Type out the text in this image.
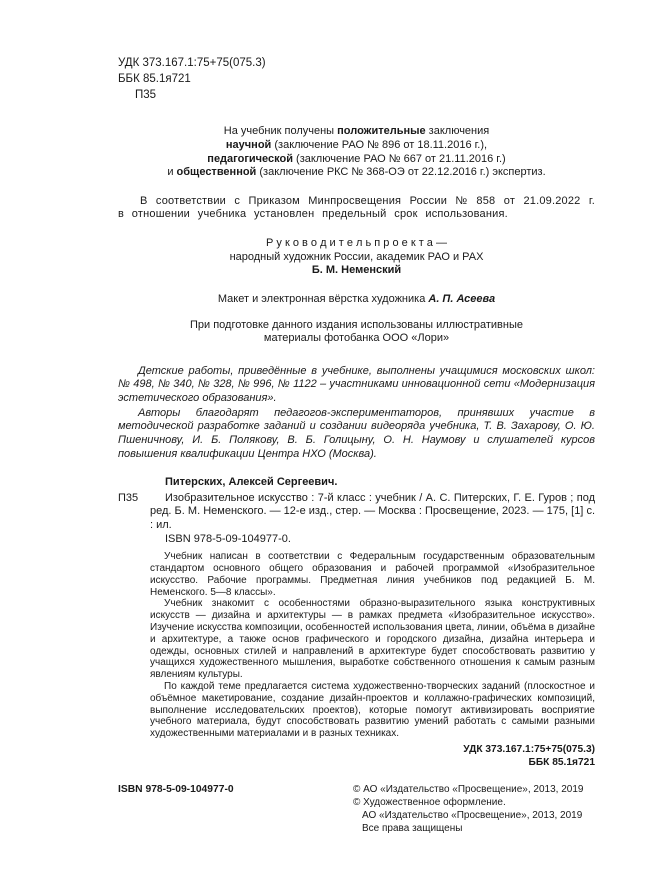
УДК 373.167.1:75+75(075.3)
ББК 85.1я721
П35
На учебник получены положительные заключения
научной (заключение РАО № 896 от 18.11.2016 г.),
педагогической (заключение РАО № 667 от 21.11.2016 г.)
и общественной (заключение РКС № 368-ОЭ от 22.12.2016 г.) экспертиз.

В соответствии с Приказом Минпросвещения России № 858 от 21.09.2022 г. в отношении учебника установлен предельный срок использования.

Р у к о в о д и т е л ь п р о е к т а —
народный художник России, академик РАО и РАХ
Б. М. Неменский
Макет и электронная вёрстка художника А. П. Асеева
При подготовке данного издания использованы иллюстративные
материалы фотобанка ООО «Лори»

Детские работы, приведённые в учебнике, выполнены учащимися московских школ: № 498, № 340, № 328, № 996, № 1122 – участниками инновационной сети «Модернизация эстетического образования».

Авторы благодарят педагогов-экспериментаторов, принявших участие в методической разработке заданий и создании видеоряда учебника, Т. В. Захарову, О. Ю. Пшеничнову, И. Б. Полякову, В. Б. Голицыну, О. Н. Наумову и слушателей курсов повышения квалификации Центра НХО (Москва).

Питерских, Алексей Сергеевич.
П35	Изобразительное искусство : 7-й класс : учебник / А. С. Питерских, Г. Е. Гуров ; под ред. Б. М. Неменского. — 12-е изд., стер. — Москва : Просвещение, 2023. — 175, [1] с. : ил.

ISBN 978-5-09-104977-0.

Учебник написан в соответствии с Федеральным государственным образовательным стандартом основного общего образования и рабочей программой «Изобразительное искусство. Рабочие программы. Предметная линия учебников под редакцией Б. М. Неменского. 5—8 классы».

Учебник знакомит с особенностями образно-выразительного языка конструктивных искусств — дизайна и архитектуры — в рамках предмета «Изобразительное искусство». Изучение искусства композиции, особенностей использования цвета, линии, объёма в дизайне и архитектуре, а также основ графического и городского дизайна, дизайна интерьера и одежды, основных стилей и направлений в архитектуре будет способствовать развитию у учащихся художественного мышления, выработке собственного отношения к самым разным явлениям культуры.

По каждой теме предлагается система художественно-творческих заданий (плоскостное и объёмное макетирование, создание дизайн-проектов и коллажно-графических композиций, выполнение исследовательских проектов), которые помогут активизировать восприятие учебного материала, будут способствовать развитию умений работать с самыми разными художественными материалами и в разных техниках.

УДК 373.167.1:75+75(075.3)
ББК 85.1я721
ISBN 978-5-09-104977-0	© АО «Издательство «Просвещение», 2013, 2019
© Художественное оформление.
АО «Издательство «Просвещение», 2013, 2019
Все права защищены
